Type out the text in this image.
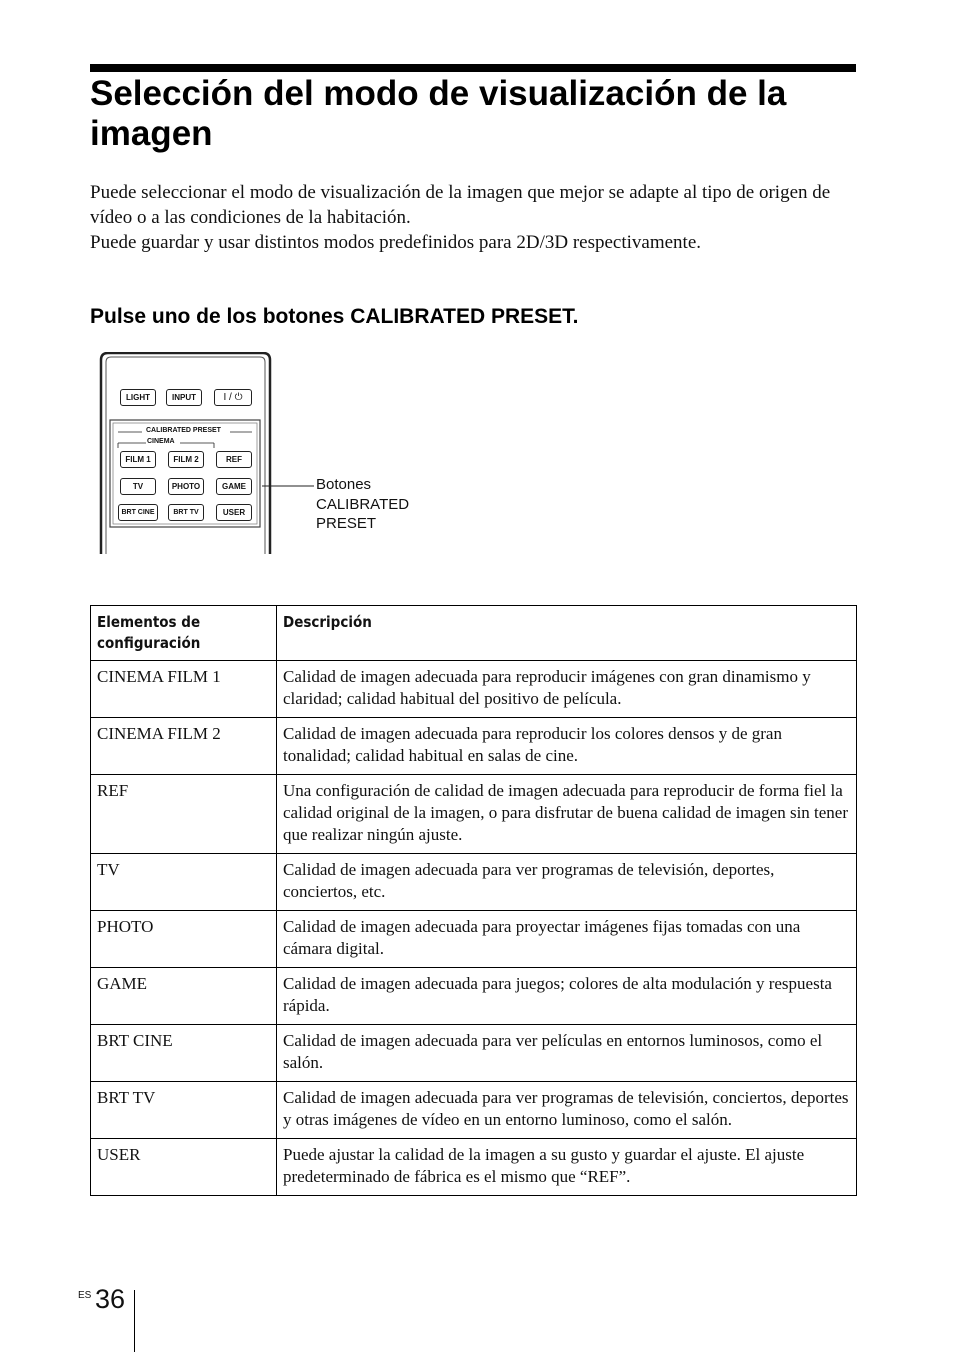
Selección del modo de visualización de la imagen

Puede seleccionar el modo de visualización de la imagen que mejor se adapte al tipo de origen de vídeo o a las condiciones de la habitación.

Puede guardar y usar distintos modos predefinidos para 2D/3D respectivamente.

Pulse uno de los botones CALIBRATED PRESET.
LIGHT	INPUT	I / ⏻
CALIBRATED PRESET
CINEMA
FILM 1	FILM 2	REF
TV	PHOTO	GAME
BRT CINE	BRT TV	USER
Botones
CALIBRATED
PRESET
Elementos de configuración	Descripción
CINEMA FILM 1	Calidad de imagen adecuada para reproducir imágenes con gran dinamismo y claridad; calidad habitual del positivo de película.
CINEMA FILM 2	Calidad de imagen adecuada para reproducir los colores densos y de gran tonalidad; calidad habitual en salas de cine.
REF	Una configuración de calidad de imagen adecuada para reproducir de forma fiel la calidad original de la imagen, o para disfrutar de buena calidad de imagen sin tener que realizar ningún ajuste.
TV	Calidad de imagen adecuada para ver programas de televisión, deportes, conciertos, etc.
PHOTO	Calidad de imagen adecuada para proyectar imágenes fijas tomadas con una cámara digital.
GAME	Calidad de imagen adecuada para juegos; colores de alta modulación y respuesta rápida.
BRT CINE	Calidad de imagen adecuada para ver películas en entornos luminosos, como el salón.
BRT TV	Calidad de imagen adecuada para ver programas de televisión, conciertos, deportes y otras imágenes de vídeo en un entorno luminoso, como el salón.
USER	Puede ajustar la calidad de la imagen a su gusto y guardar el ajuste. El ajuste predeterminado de fábrica es el mismo que “REF”.
ES 36
